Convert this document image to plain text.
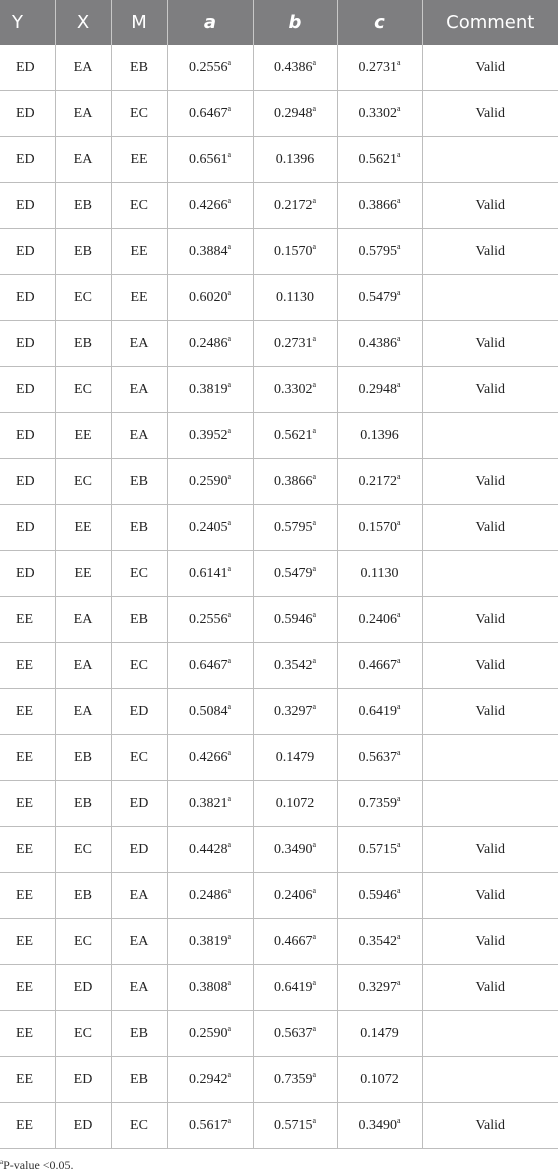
Y	X	M	a	b	c	Comment
ED	EA	EB	0.2556$^a$	0.4386$^a$	0.2731$^a$	Valid
ED	EA	EC	0.6467$^a$	0.2948$^a$	0.3302$^a$	Valid
ED	EA	EE	0.6561$^a$	0.1396	0.5621$^a$	
ED	EB	EC	0.4266$^a$	0.2172$^a$	0.3866$^a$	Valid
ED	EB	EE	0.3884$^a$	0.1570$^a$	0.5795$^a$	Valid
ED	EC	EE	0.6020$^a$	0.1130	0.5479$^a$	
ED	EB	EA	0.2486$^a$	0.2731$^a$	0.4386$^a$	Valid
ED	EC	EA	0.3819$^a$	0.3302$^a$	0.2948$^a$	Valid
ED	EE	EA	0.3952$^a$	0.5621$^a$	0.1396	
ED	EC	EB	0.2590$^a$	0.3866$^a$	0.2172$^a$	Valid
ED	EE	EB	0.2405$^a$	0.5795$^a$	0.1570$^a$	Valid
ED	EE	EC	0.6141$^a$	0.5479$^a$	0.1130	
EE	EA	EB	0.2556$^a$	0.5946$^a$	0.2406$^a$	Valid
EE	EA	EC	0.6467$^a$	0.3542$^a$	0.4667$^a$	Valid
EE	EA	ED	0.5084$^a$	0.3297$^a$	0.6419$^a$	Valid
EE	EB	EC	0.4266$^a$	0.1479	0.5637$^a$	
EE	EB	ED	0.3821$^a$	0.1072	0.7359$^a$	
EE	EC	ED	0.4428$^a$	0.3490$^a$	0.5715$^a$	Valid
EE	EB	EA	0.2486$^a$	0.2406$^a$	0.5946$^a$	Valid
EE	EC	EA	0.3819$^a$	0.4667$^a$	0.3542$^a$	Valid
EE	ED	EA	0.3808$^a$	0.6419$^a$	0.3297$^a$	Valid
EE	EC	EB	0.2590$^a$	0.5637$^a$	0.1479	
EE	ED	EB	0.2942$^a$	0.7359$^a$	0.1072	
EE	ED	EC	0.5617$^a$	0.5715$^a$	0.3490$^a$	Valid
$^a$P-value <0.05.
